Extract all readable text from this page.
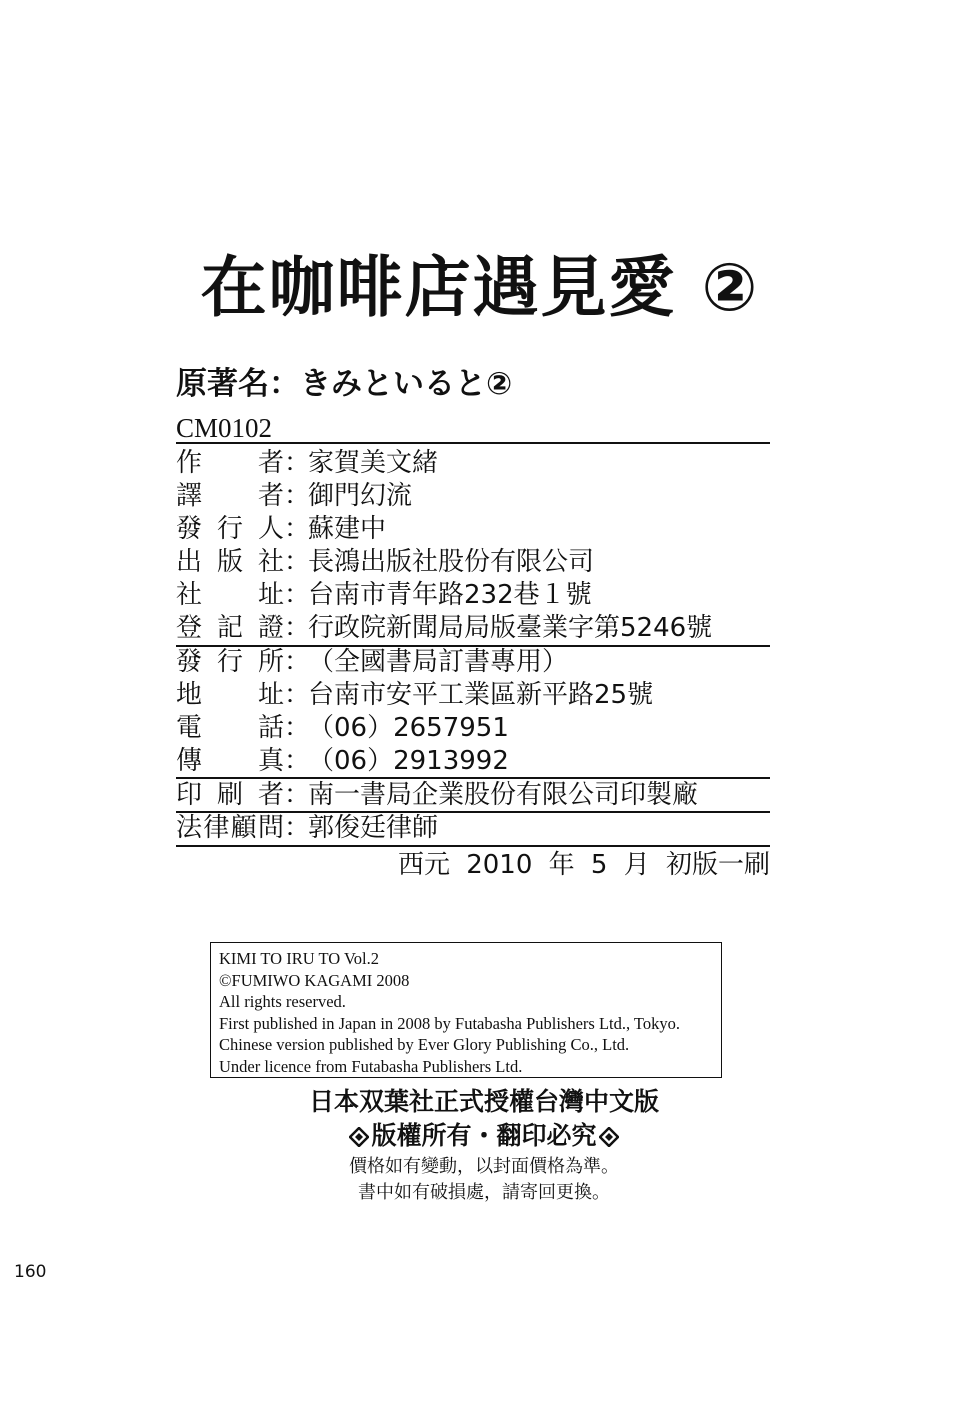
在咖啡店遇見愛 ②
原著名：きみといると②
CM0102
作 者 ：
家賀美文緒
譯 者 ：
御門幻流
發 行 人 ：
蘇建中
出 版 社 ：
長鴻出版社股份有限公司
社 址 ：
台南市青年路232巷１號
登 記 證 ：
行政院新聞局局版臺業字第5246號
發 行 所 ：
（全國書局訂書專用）
地 址 ：
台南市安平工業區新平路25號
電 話 ：
（06）2657951
傳 真 ：
（06）2913992
印 刷 者 ：
南一書局企業股份有限公司印製廠
法 律 顧 問 ：
郭俊廷律師
西元 2010 年 5 月 初版一刷
KIMI TO IRU TO Vol.2
©FUMIWO KAGAMI 2008
All rights reserved.
First published in Japan in 2008 by Futabasha Publishers Ltd., Tokyo.
Chinese version published by Ever Glory Publishing Co., Ltd.
Under licence from Futabasha Publishers Ltd.
日本双葉社正式授權台灣中文版
版權所有・翻印必究
價格如有變動，以封面價格為準。
書中如有破損處，請寄回更換。
160
